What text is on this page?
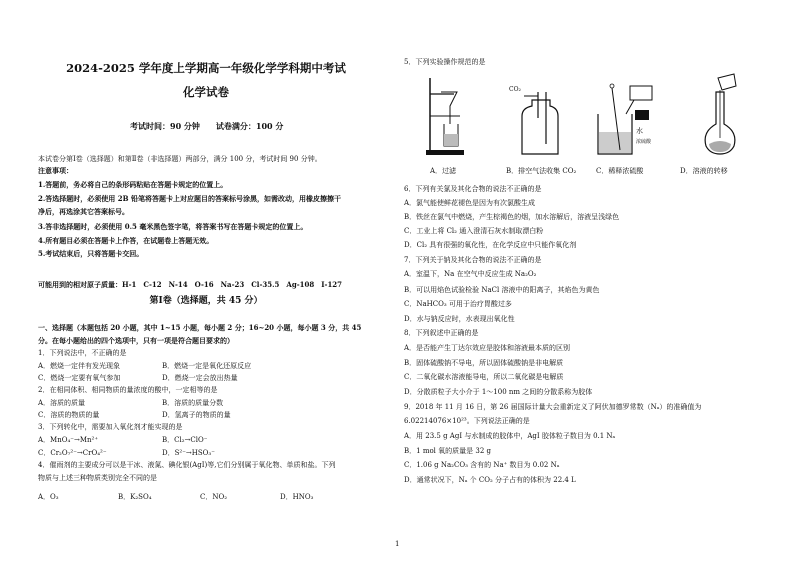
2024-2025 学年度上学期高一年级化学学科期中考试
化学试卷
考试时间：90 分钟　　试卷满分：100 分
本试卷分第Ⅰ卷（选择题）和第Ⅱ卷（非选择题）两部分，满分 100 分，考试时间 90 分钟。
注意事项：
1.答题前，务必将自己的条形码粘贴在答题卡规定的位置上。
2.答选择题时，必须使用 2B 铅笔将答题卡上对应题目的答案标号涂黑，如需改动，用橡皮擦擦干
净后，再选涂其它答案标号。
3.答非选择题时，必须使用 0.5 毫米黑色签字笔，将答案书写在答题卡规定的位置上。
4.所有题目必须在答题卡上作答，在试题卷上答题无效。
5.考试结束后，只将答题卡交回。
可能用到的相对原子质量：H-1　C-12　N-14　O-16　Na-23　Cl-35.5　Ag-108　I-127
第Ⅰ卷（选择题，共 45 分）
一、选择题（本题包括 20 小题，其中 1~15 小题，每小题 2 分；16~20 小题，每小题 3 分，共 45
分。在每小题给出的四个选项中，只有一项是符合题目要求的）
1．下列说法中，不正确的是
A．燃烧一定伴有发光现象	B．燃烧一定是氧化还原反应
C．燃烧一定要有氧气参加	D．燃烧一定会放出热量
2．在相同体积、相同物质的量浓度的酸中，一定相等的是
A．溶质的质量	B．溶质的质量分数
C．溶质的物质的量	D．氢离子的物质的量
3．下列转化中，需要加入氧化剂才能实现的是
A．MnO₄⁻→Mn²⁺	B．Cl₂→ClO⁻
C．Cr₂O₇²⁻→CrO₄²⁻	D．S²⁻→HSO₃⁻
4．催雨剂的主要成分可以是干冰、液氮、碘化银(AgI)等,它们分别属于氧化物、单质和盐。下列
物质与上述三种物质类别完全不同的是
A．O₃	B．K₂SO₄	C．NO₂	D．HNO₃
5．下列实验操作规范的是
CO₂
水
浓硫酸
A．过滤	B．排空气法收集 CO₂	C．稀释浓硫酸	D．溶液的转移
6．下列有关氯及其化合物的说法不正确的是
A．氯气能使鲜花褪色是因为有次氯酸生成
B．铁丝在氯气中燃烧，产生棕褐色的烟，加水溶解后，溶液呈浅绿色
C．工业上将 Cl₂ 通入澄清石灰水制取漂白粉
D．Cl₂ 具有很强的氧化性，在化学反应中只能作氧化剂
7．下列关于钠及其化合物的说法不正确的是
A．室温下，Na 在空气中反应生成 Na₂O₂
B．可以用焰色试验检验 NaCl 溶液中的阳离子，其焰色为黄色
C．NaHCO₃ 可用于治疗胃酸过多
D．水与钠反应时，水表现出氧化性
8．下列叙述中正确的是
A．是否能产生丁达尔效应是胶体和溶液最本质的区别
B．固体硫酸钠不导电，所以固体硫酸钠是非电解质
C．二氧化碳水溶液能导电，所以二氧化碳是电解质
D．分散质粒子大小介于 1～100 nm 之间的分散系称为胶体
9．2018 年 11 月 16 日，第 26 届国际计量大会重新定义了阿伏加德罗常数（Nₐ）的准确值为
6.02214076×10²³。下列说法正确的是
A．用 23.5 g AgI 与水制成的胶体中，AgI 胶体粒子数目为 0.1 Nₐ
B．1 mol 氧的质量是 32 g
C．1.06 g Na₂CO₃ 含有的 Na⁺ 数目为 0.02 Nₐ
D．通常状况下，Nₐ 个 CO₂ 分子占有的体积为 22.4 L
1
